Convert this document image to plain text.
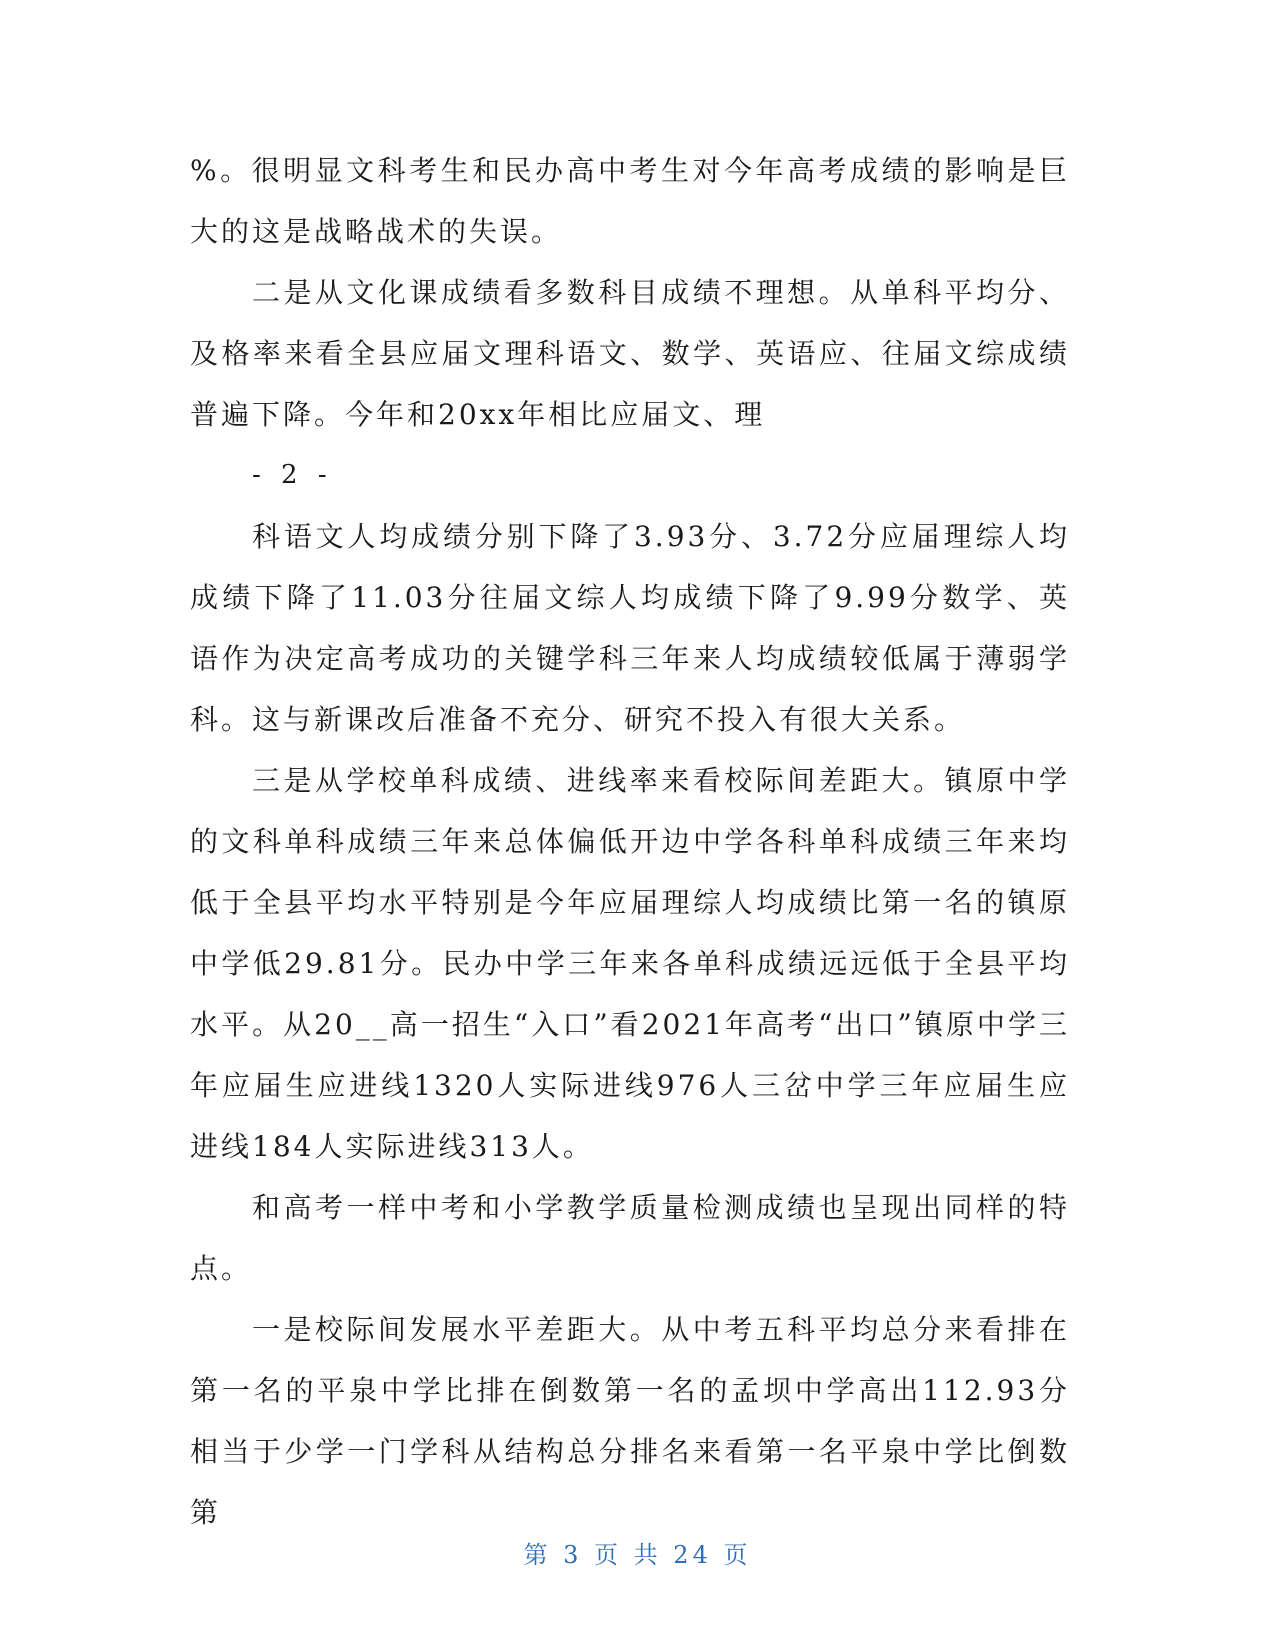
%。很明显文科考生和民办高中考生对今年高考成绩的影响是巨大的这是战略战术的失误。

二是从文化课成绩看多数科目成绩不理想。从单科平均分、及格率来看全县应届文理科语文、数学、英语应、往届文综成绩普遍下降。今年和20xx年相比应届文、理

- 2 -

科语文人均成绩分别下降了3.93分、3.72分应届理综人均成绩下降了11.03分往届文综人均成绩下降了9.99分数学、英语作为决定高考成功的关键学科三年来人均成绩较低属于薄弱学科。这与新课改后准备不充分、研究不投入有很大关系。

三是从学校单科成绩、进线率来看校际间差距大。镇原中学的文科单科成绩三年来总体偏低开边中学各科单科成绩三年来均低于全县平均水平特别是今年应届理综人均成绩比第一名的镇原中学低29.81分。民办中学三年来各单科成绩远远低于全县平均水平。从20__高一招生“入口”看2021年高考“出口”镇原中学三年应届生应进线1320人实际进线976人三岔中学三年应届生应进线184人实际进线313人。

和高考一样中考和小学教学质量检测成绩也呈现出同样的特点。

一是校际间发展水平差距大。从中考五科平均总分来看排在第一名的平泉中学比排在倒数第一名的孟坝中学高出112.93分相当于少学一门学科从结构总分排名来看第一名平泉中学比倒数第

第 3 页 共 24 页
